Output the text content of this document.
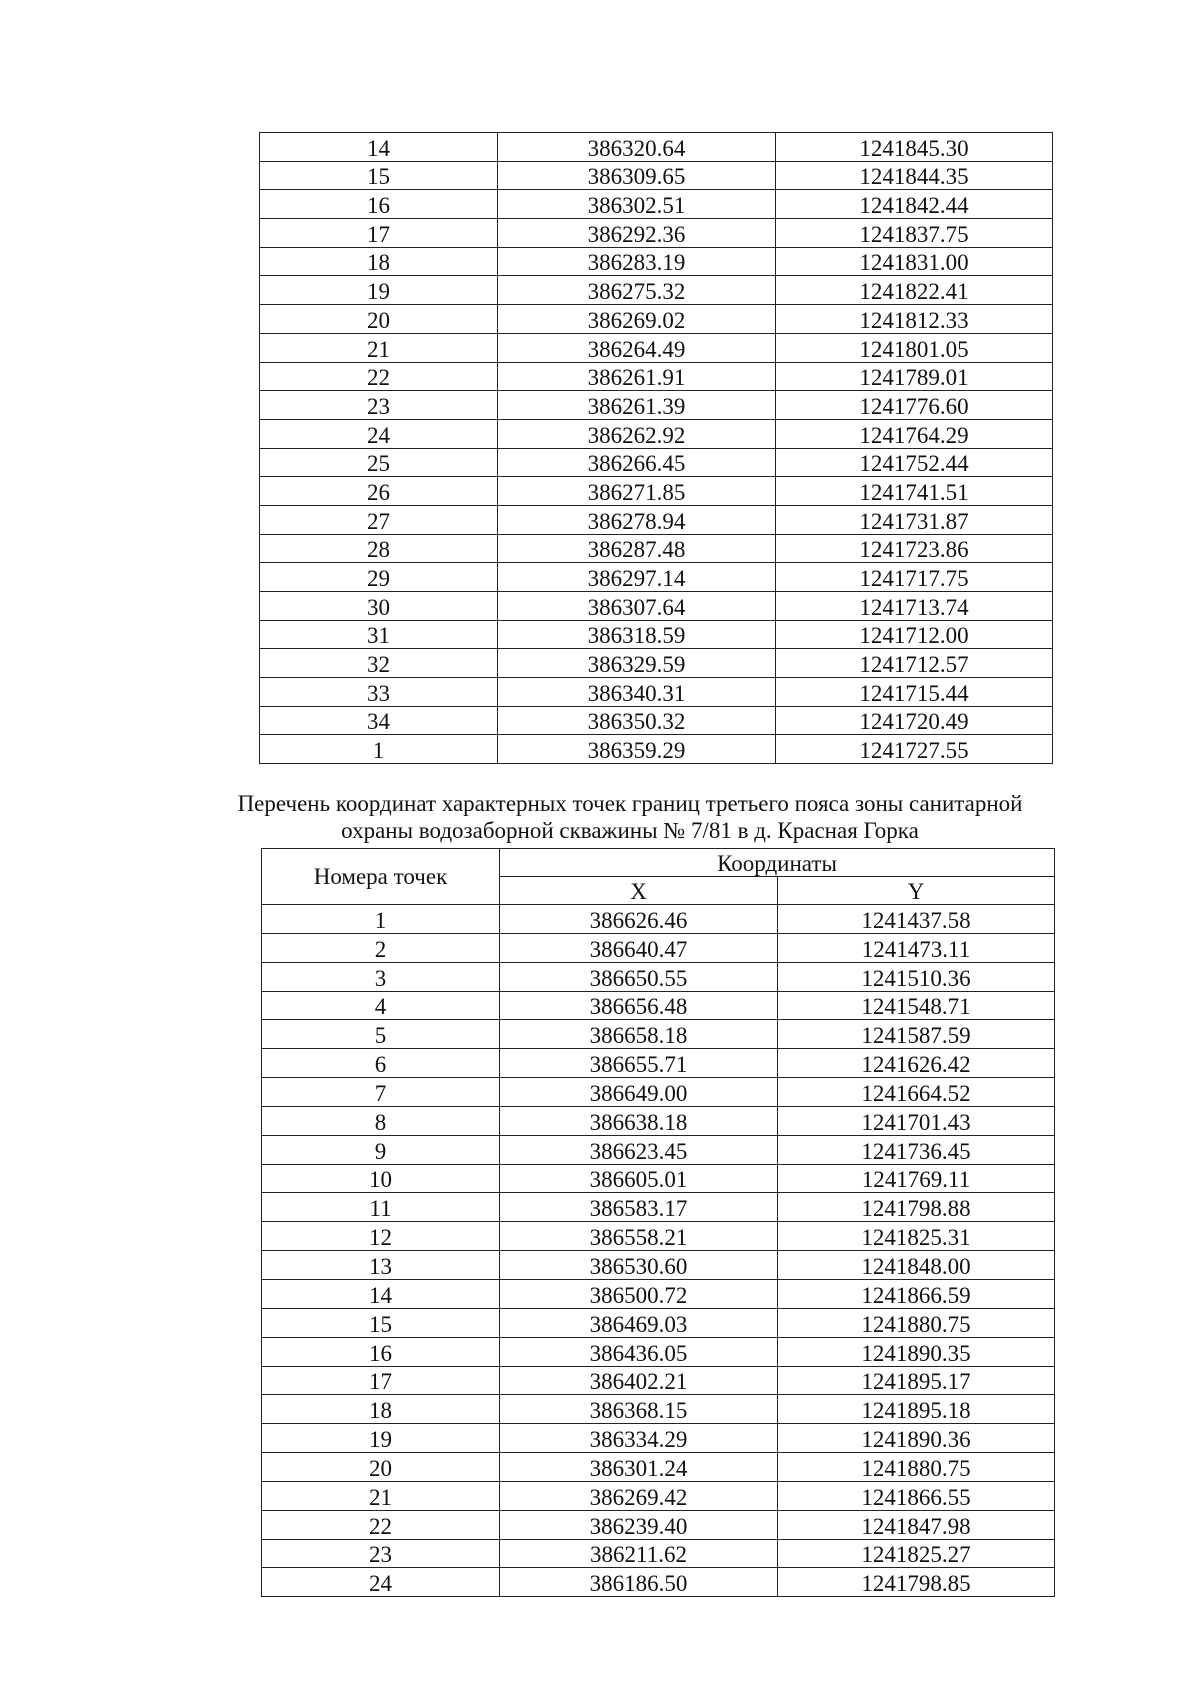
14	386320.64	1241845.30
15	386309.65	1241844.35
16	386302.51	1241842.44
17	386292.36	1241837.75
18	386283.19	1241831.00
19	386275.32	1241822.41
20	386269.02	1241812.33
21	386264.49	1241801.05
22	386261.91	1241789.01
23	386261.39	1241776.60
24	386262.92	1241764.29
25	386266.45	1241752.44
26	386271.85	1241741.51
27	386278.94	1241731.87
28	386287.48	1241723.86
29	386297.14	1241717.75
30	386307.64	1241713.74
31	386318.59	1241712.00
32	386329.59	1241712.57
33	386340.31	1241715.44
34	386350.32	1241720.49
1	386359.29	1241727.55
Перечень координат характерных точек границ третьего пояса зоны санитарной
охраны водозаборной скважины № 7/81 в д. Красная Горка
Номера точек	Координаты	
	X	Y
1	386626.46	1241437.58
2	386640.47	1241473.11
3	386650.55	1241510.36
4	386656.48	1241548.71
5	386658.18	1241587.59
6	386655.71	1241626.42
7	386649.00	1241664.52
8	386638.18	1241701.43
9	386623.45	1241736.45
10	386605.01	1241769.11
11	386583.17	1241798.88
12	386558.21	1241825.31
13	386530.60	1241848.00
14	386500.72	1241866.59
15	386469.03	1241880.75
16	386436.05	1241890.35
17	386402.21	1241895.17
18	386368.15	1241895.18
19	386334.29	1241890.36
20	386301.24	1241880.75
21	386269.42	1241866.55
22	386239.40	1241847.98
23	386211.62	1241825.27
24	386186.50	1241798.85
